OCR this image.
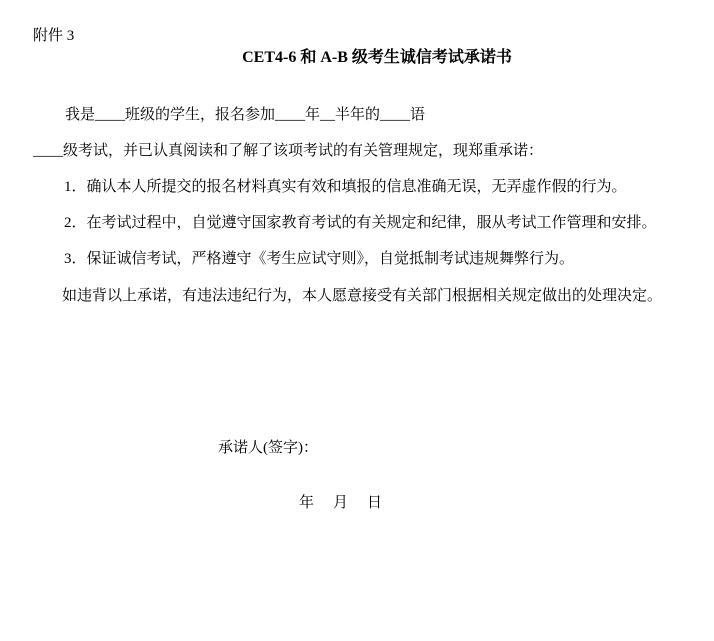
附件 3
CET4-6 和 A-B 级考生诚信考试承诺书
我是____班级的学生，报名参加____年__半年的____语
____级考试，并已认真阅读和了解了该项考试的有关管理规定，现郑重承诺：
1．确认本人所提交的报名材料真实有效和填报的信息准确无误，无弄虚作假的行为。
2．在考试过程中，自觉遵守国家教育考试的有关规定和纪律，服从考试工作管理和安排。
3．保证诚信考试，严格遵守《考生应试守则》，自觉抵制考试违规舞弊行为。
如违背以上承诺，有违法违纪行为，本人愿意接受有关部门根据相关规定做出的处理决定。
承诺人(签字)：
年　月　日
